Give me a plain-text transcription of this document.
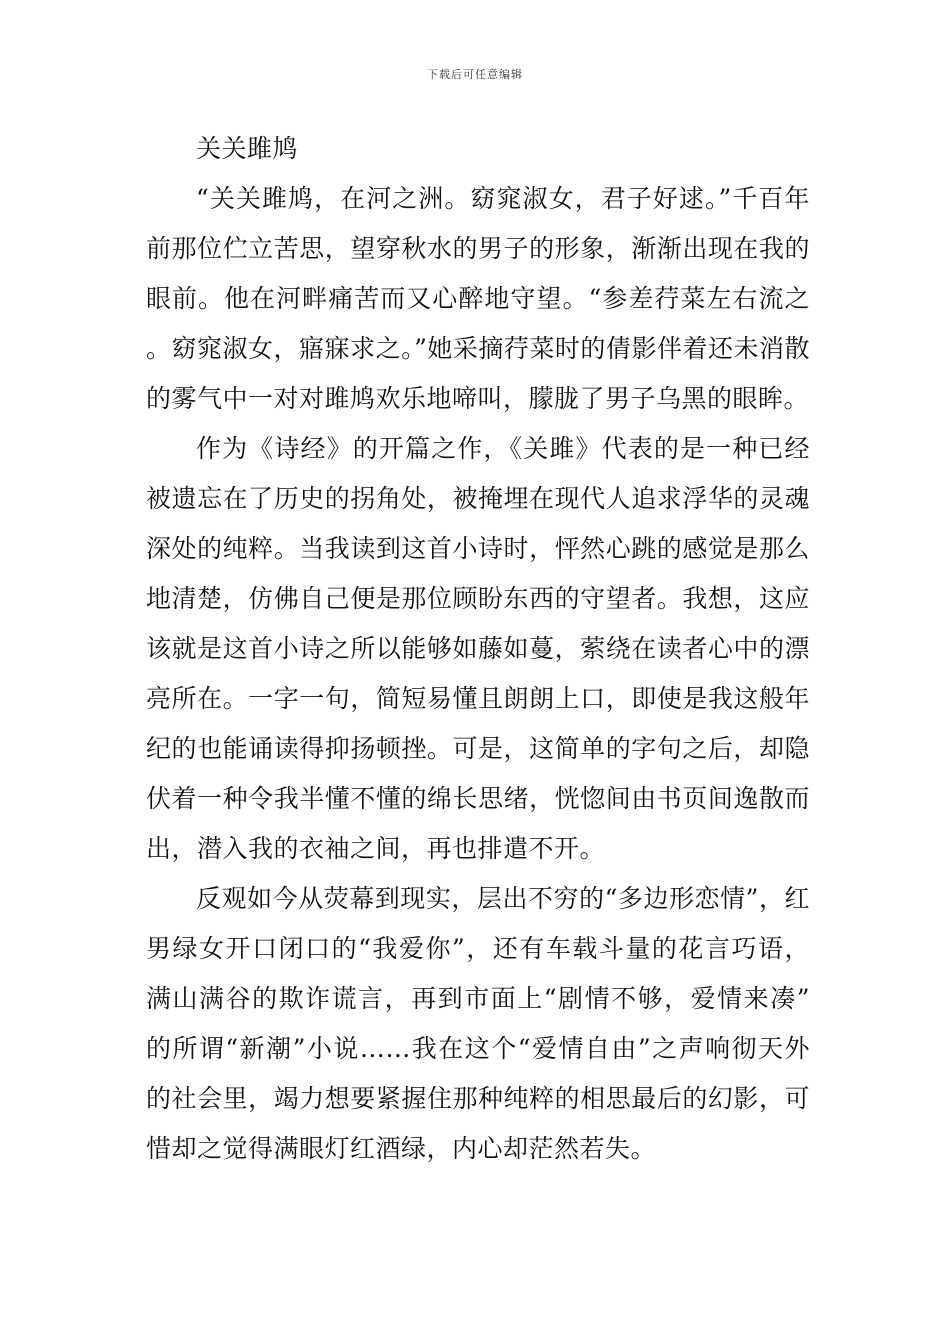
下载后可任意编辑
关关雎鸠

“关关雎鸠，在河之洲。窈窕淑女，君子好逑。”千百年前那位伫立苦思，望穿秋水的男子的形象，渐渐出现在我的眼前。他在河畔痛苦而又心醉地守望。“参差荇菜左右流之。窈窕淑女，寤寐求之。”她采摘荇菜时的倩影伴着还未消散的雾气中一对对雎鸠欢乐地啼叫，朦胧了男子乌黑的眼眸。

作为《诗经》的开篇之作，《关雎》代表的是一种已经被遗忘在了历史的拐角处，被掩埋在现代人追求浮华的灵魂深处的纯粹。当我读到这首小诗时，怦然心跳的感觉是那么地清楚，仿佛自己便是那位顾盼东西的守望者。我想，这应该就是这首小诗之所以能够如藤如蔓，萦绕在读者心中的漂亮所在。一字一句，简短易懂且朗朗上口，即使是我这般年纪的也能诵读得抑扬顿挫。可是，这简单的字句之后，却隐伏着一种令我半懂不懂的绵长思绪，恍惚间由书页间逸散而出，潜入我的衣袖之间，再也排遣不开。

反观如今从荧幕到现实，层出不穷的“多边形恋情”，红男绿女开口闭口的“我爱你”，还有车载斗量的花言巧语，满山满谷的欺诈谎言，再到市面上“剧情不够，爱情来凑”的所谓“新潮”小说……我在这个“爱情自由”之声响彻天外的社会里，竭力想要紧握住那种纯粹的相思最后的幻影，可惜却之觉得满眼灯红酒绿，内心却茫然若失。
